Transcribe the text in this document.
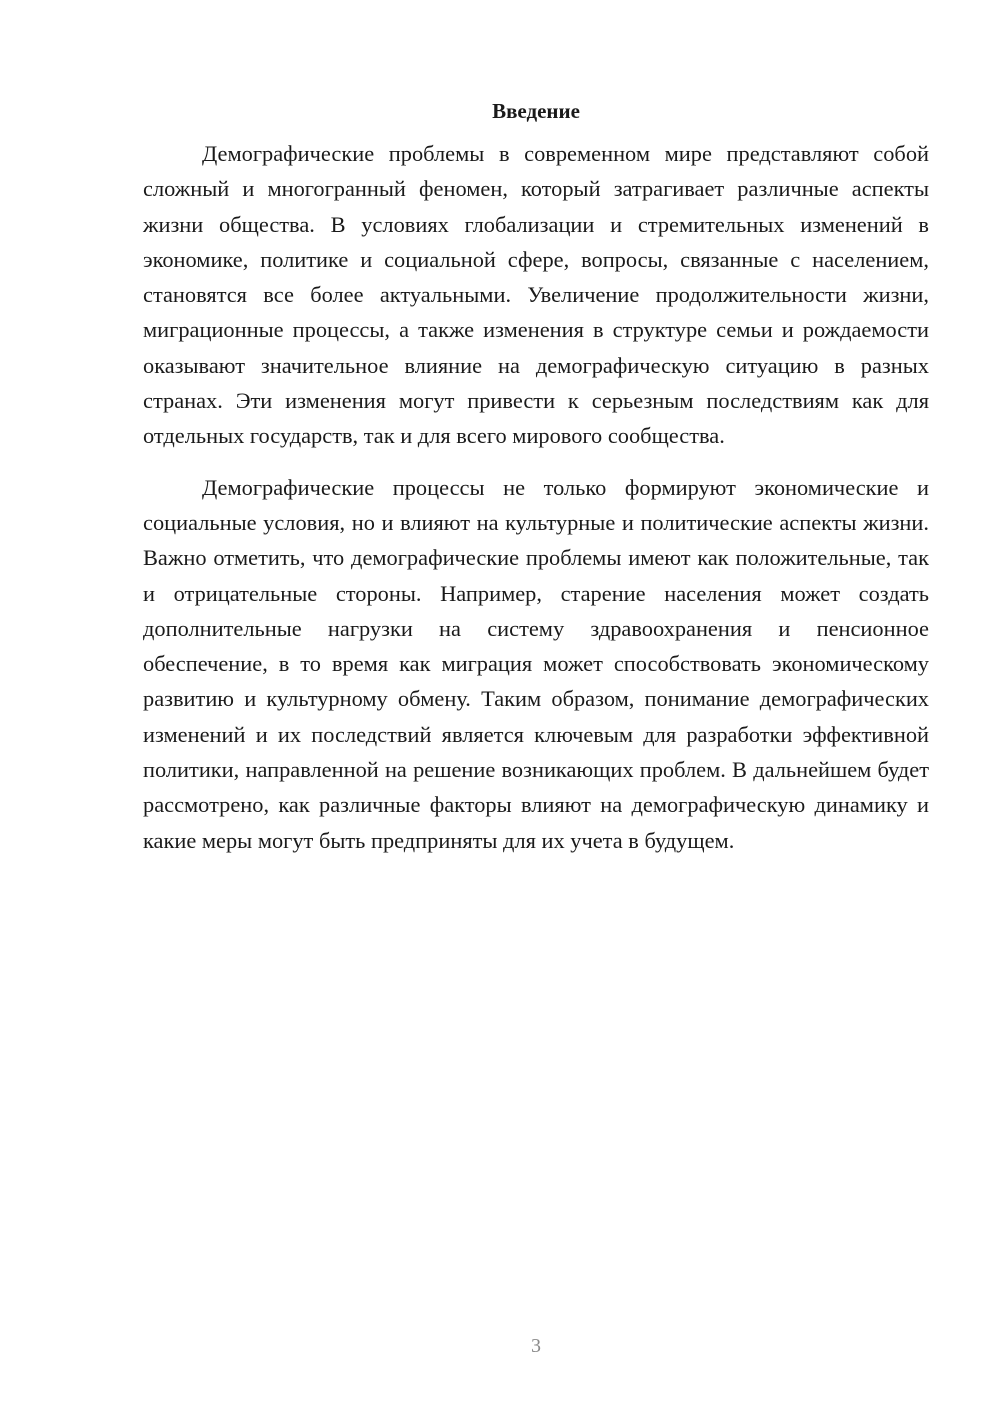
Введение

Демографические проблемы в современном мире представляют собой сложный и многогранный феномен, который затрагивает различные аспекты жизни общества. В условиях глобализации и стремительных изменений в экономике, политике и социальной сфере, вопросы, связанные с населением, становятся все более актуальными. Увеличение продолжительности жизни, миграционные процессы, а также изменения в структуре семьи и рождаемости оказывают значительное влияние на демографическую ситуацию в разных странах. Эти изменения могут привести к серьезным последствиям как для отдельных государств, так и для всего мирового сообщества.

Демографические процессы не только формируют экономические и социальные условия, но и влияют на культурные и политические аспекты жизни. Важно отметить, что демографические проблемы имеют как положительные, так и отрицательные стороны. Например, старение населения может создать дополнительные нагрузки на систему здравоохранения и пенсионное обеспечение, в то время как миграция может способствовать экономическому развитию и культурному обмену. Таким образом, понимание демографических изменений и их последствий является ключевым для разработки эффективной политики, направленной на решение возникающих проблем. В дальнейшем будет рассмотрено, как различные факторы влияют на демографическую динамику и какие меры могут быть предприняты для их учета в будущем.

3
